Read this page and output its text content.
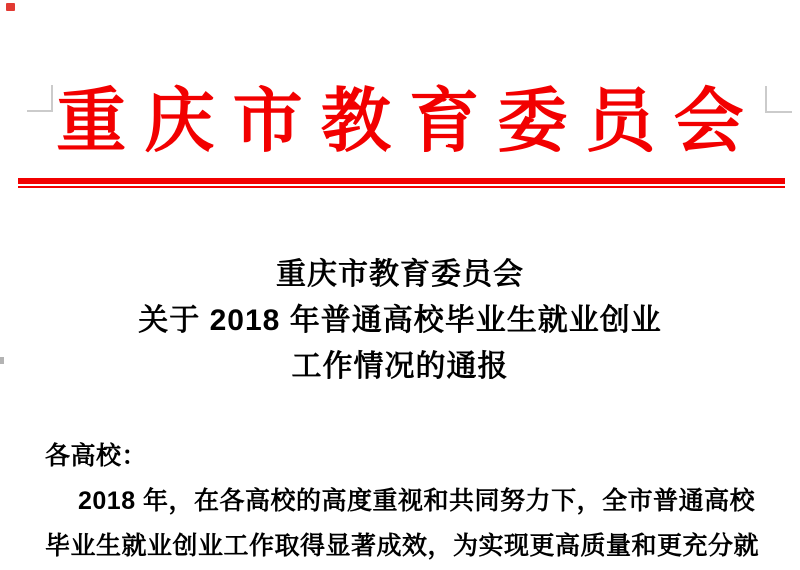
重庆市教育委员会
重庆市教育委员会
关于 2018 年普通高校毕业生就业创业
工作情况的通报
各高校：
2018 年，在各高校的高度重视和共同努力下，全市普通高校
毕业生就业创业工作取得显著成效，为实现更高质量和更充分就
